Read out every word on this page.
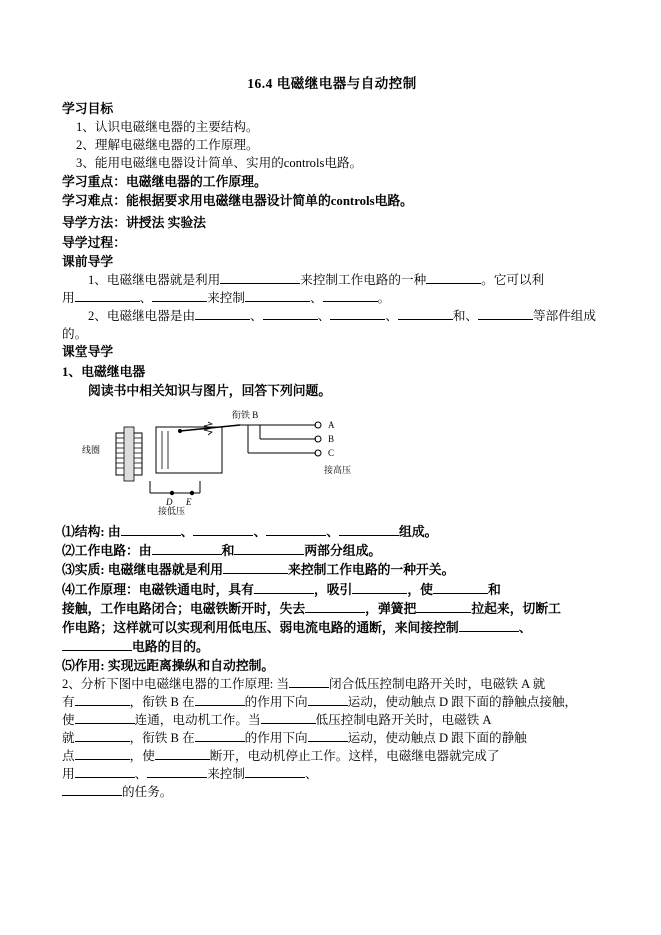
16.4 电磁继电器与自动控制

学习目标

1、认识电磁继电器的主要结构。

2、理解电磁继电器的工作原理。

3、能用电磁继电器设计简单、实用的controls电路。

学习重点：电磁继电器的工作原理。

学习难点：能根据要求用电磁继电器设计简单的controls电路。

导学方法：讲授法 实验法

导学过程：

课前导学

1、电磁继电器就是利用	来控制工作电路的一种	。它可以利

用	、	来控制	、	。

2、电磁继电器是由	、	、	、	和、	等部件组成

的。

课堂导学

1、电磁继电器

阅读书中相关知识与图片，回答下列问题。

衔铁 B
线圈
A
B
C
接高压
D E
接低压

⑴结构: 由	、	、	、	组成。

⑵工作电路：由	和	两部分组成。

⑶实质: 电磁继电器就是利用	来控制工作电路的一种开关。

⑷工作原理：电磁铁通电时，具有	，吸引	，使	和

接触，工作电路闭合；电磁铁断开时，失去	，弹簧把	拉起来，切断工

作电路；这样就可以实现利用低电压、弱电流电路的通断，来间接控制	、

电路的目的。

⑸作用: 实现远距离操纵和自动控制。

2、分析下图中电磁继电器的工作原理: 当	闭合低压控制电路开关时，电磁铁 A 就

有	，衔铁 B 在	的作用下向	运动，使动触点 D 跟下面的静触点接触，

使	连通，电动机工作。当	低压控制电路开关时，电磁铁 A

就	，衔铁 B 在	的作用下向	运动，使动触点 D 跟下面的静触

点	，使	断开，电动机停止工作。这样，电磁继电器就完成了

用	、	来控制	、

的任务。
